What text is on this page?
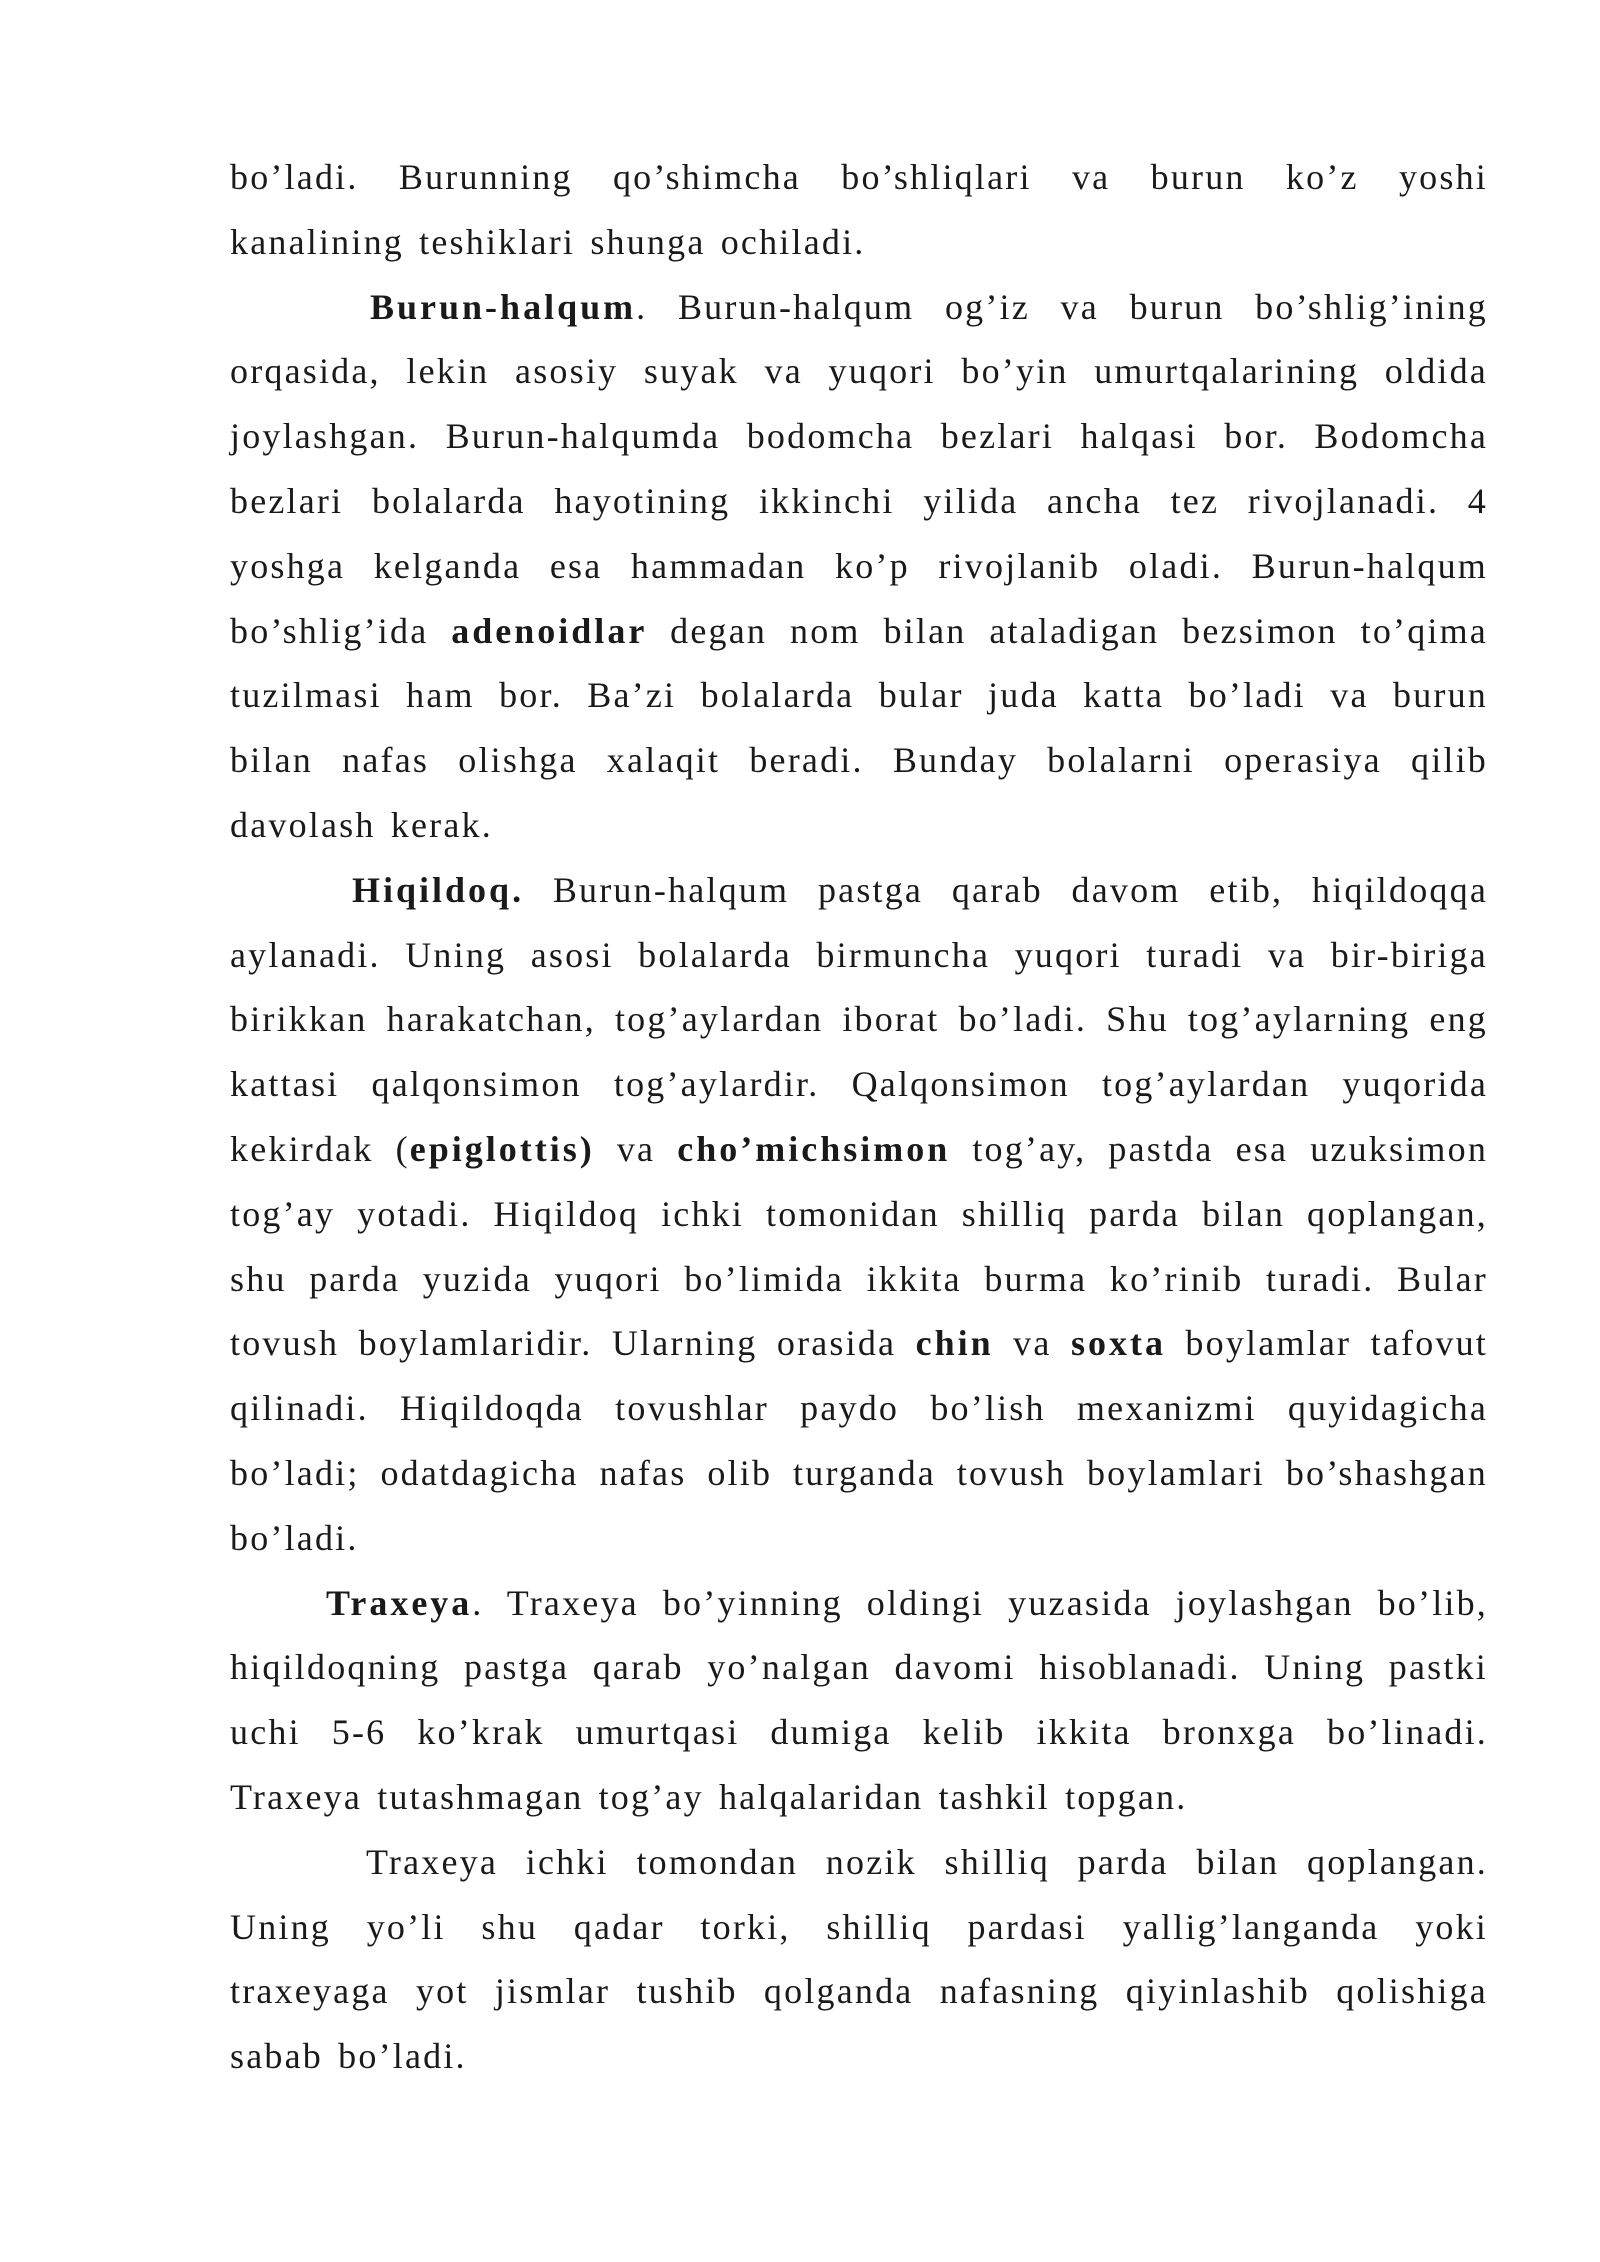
bo’ladi. Burunning qo’shimcha bo’shliqlari va burun ko’z yoshi kanalining teshiklari shunga ochiladi.

Burun-halqum. Burun-halqum og’iz va burun bo’shlig’ining orqasida, lekin asosiy suyak va yuqori bo’yin umurtqalarining oldida joylashgan. Burun-halqumda bodomcha bezlari halqasi bor. Bodomcha bezlari bolalarda hayotining ikkinchi yilida ancha tez rivojlanadi. 4 yoshga kelganda esa hammadan ko’p rivojlanib oladi. Burun-halqum bo’shlig’ida adenoidlar degan nom bilan ataladigan bezsimon to’qima tuzilmasi ham bor. Ba’zi bolalarda bular juda katta bo’ladi va burun bilan nafas olishga xalaqit beradi. Bunday bolalarni operasiya qilib davolash kerak.

Hiqildoq. Burun-halqum pastga qarab davom etib, hiqildoqqa aylanadi. Uning asosi bolalarda birmuncha yuqori turadi va bir-biriga birikkan harakatchan, tog’aylardan iborat bo’ladi. Shu tog’aylarning eng kattasi qalqonsimon tog’aylardir. Qalqonsimon tog’aylardan yuqorida kekirdak (epiglottis) va cho’michsimon tog’ay, pastda esa uzuksimon tog’ay yotadi. Hiqildoq ichki tomonidan shilliq parda bilan qoplangan, shu parda yuzida yuqori bo’limida ikkita burma ko’rinib turadi. Bular tovush boylamlaridir. Ularning orasida chin va soxta boylamlar tafovut qilinadi. Hiqildoqda tovushlar paydo bo’lish mexanizmi quyidagicha bo’ladi; odatdagicha nafas olib turganda tovush boylamlari bo’shashgan bo’ladi.

Traxeya. Traxeya bo’yinning oldingi yuzasida joylashgan bo’lib, hiqildoqning pastga qarab yo’nalgan davomi hisoblanadi. Uning pastki uchi 5-6 ko’krak umurtqasi dumiga kelib ikkita bronxga bo’linadi. Traxeya tutashmagan tog’ay halqalaridan tashkil topgan.

Traxeya ichki tomondan nozik shilliq parda bilan qoplangan. Uning yo’li shu qadar torki, shilliq pardasi yallig’langanda yoki traxeyaga yot jismlar tushib qolganda nafasning qiyinlashib qolishiga sabab bo’ladi.
